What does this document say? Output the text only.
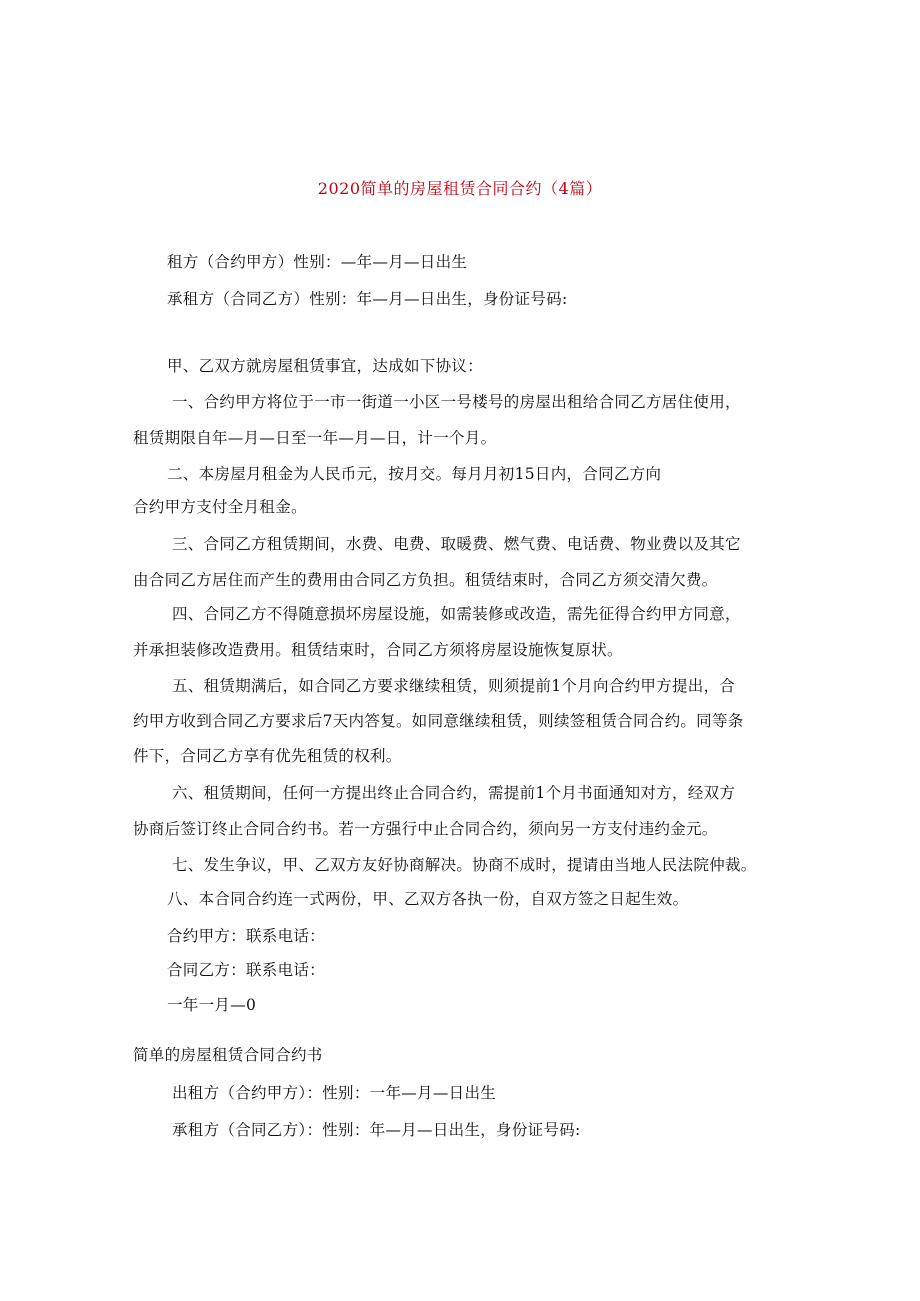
2020简单的房屋租赁合同合约（4篇）
租方（合约甲方）性别：—年—月—日出生
承租方（合同乙方）性别：年—月—日出生，身份证号码:
甲、乙双方就房屋租赁事宜，达成如下协议：
一、合约甲方将位于一市一街道一小区一号楼号的房屋出租给合同乙方居住使用，
租赁期限自年—月—日至一年—月—日，计一个月。
二、本房屋月租金为人民币元，按月交。每月月初15日内，合同乙方向
合约甲方支付全月租金。
三、合同乙方租赁期间，水费、电费、取暖费、燃气费、电话费、物业费以及其它
由合同乙方居住而产生的费用由合同乙方负担。租赁结束时，合同乙方须交清欠费。
四、合同乙方不得随意损坏房屋设施，如需装修或改造，需先征得合约甲方同意，
并承担装修改造费用。租赁结束时，合同乙方须将房屋设施恢复原状。
五、租赁期满后，如合同乙方要求继续租赁，则须提前1个月向合约甲方提出，合
约甲方收到合同乙方要求后7天内答复。如同意继续租赁，则续签租赁合同合约。同等条
件下，合同乙方享有优先租赁的权利。
六、租赁期间，任何一方提出终止合同合约，需提前1个月书面通知对方，经双方
协商后签订终止合同合约书。若一方强行中止合同合约，须向另一方支付违约金元。
七、发生争议，甲、乙双方友好协商解决。协商不成时，提请由当地人民法院仲裁。
八、本合同合约连一式两份，甲、乙双方各执一份，自双方签之日起生效。
合约甲方：联系电话：
合同乙方：联系电话：
一年一月—0
简单的房屋租赁合同合约书
出租方（合约甲方）：性别：一年—月—日出生
承租方（合同乙方）：性别：年—月—日出生，身份证号码:
